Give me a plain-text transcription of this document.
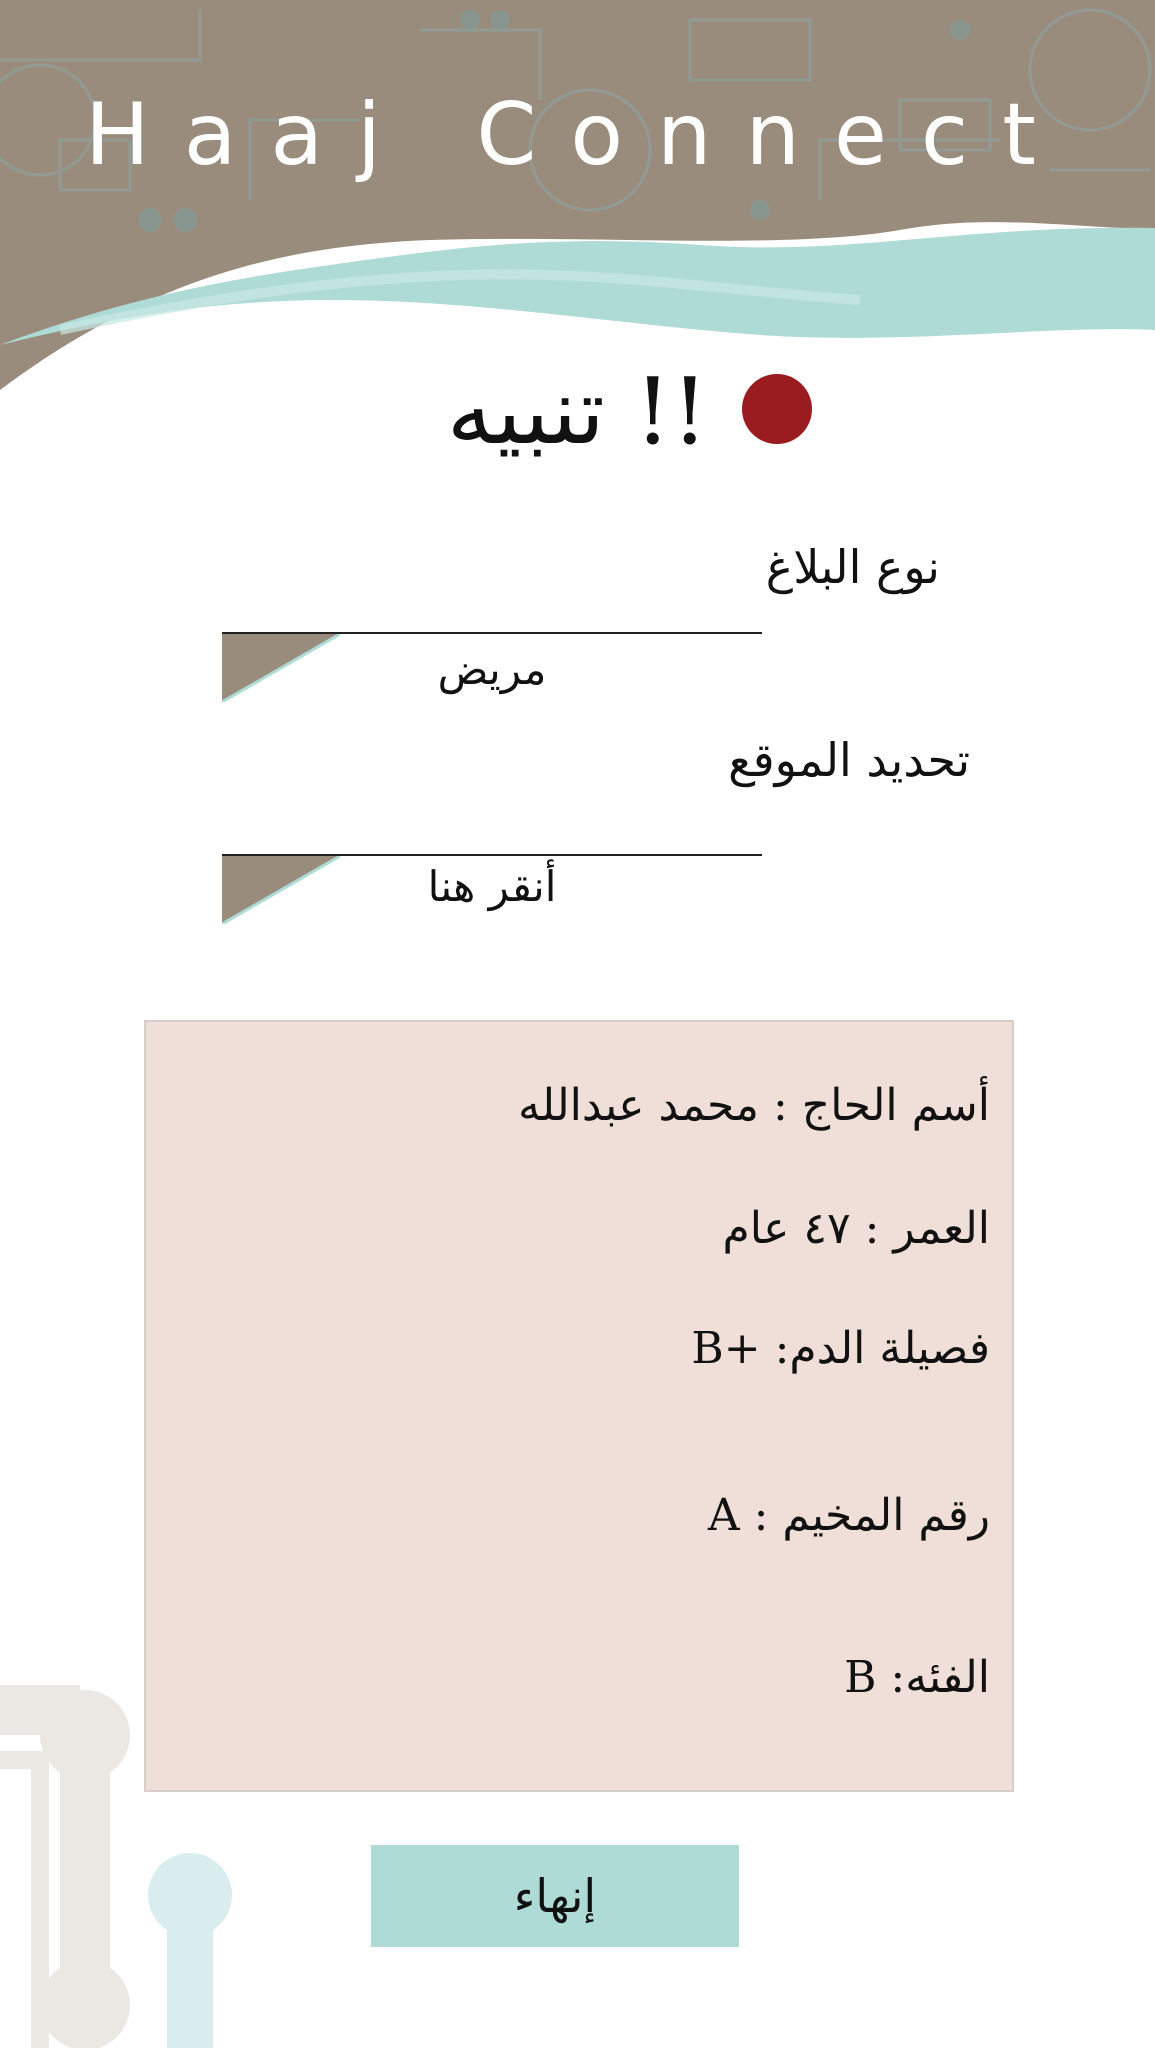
Haaj Connect
تنبيه !!
نوع البلاغ
مريض
تحديد الموقع
أنقر هنا
أسم الحاج :محمد عبدالله
العمر :٤٧ عام
فصيلة الدم:B+
رقم المخيم :A
الفئه:B
إنهاء
